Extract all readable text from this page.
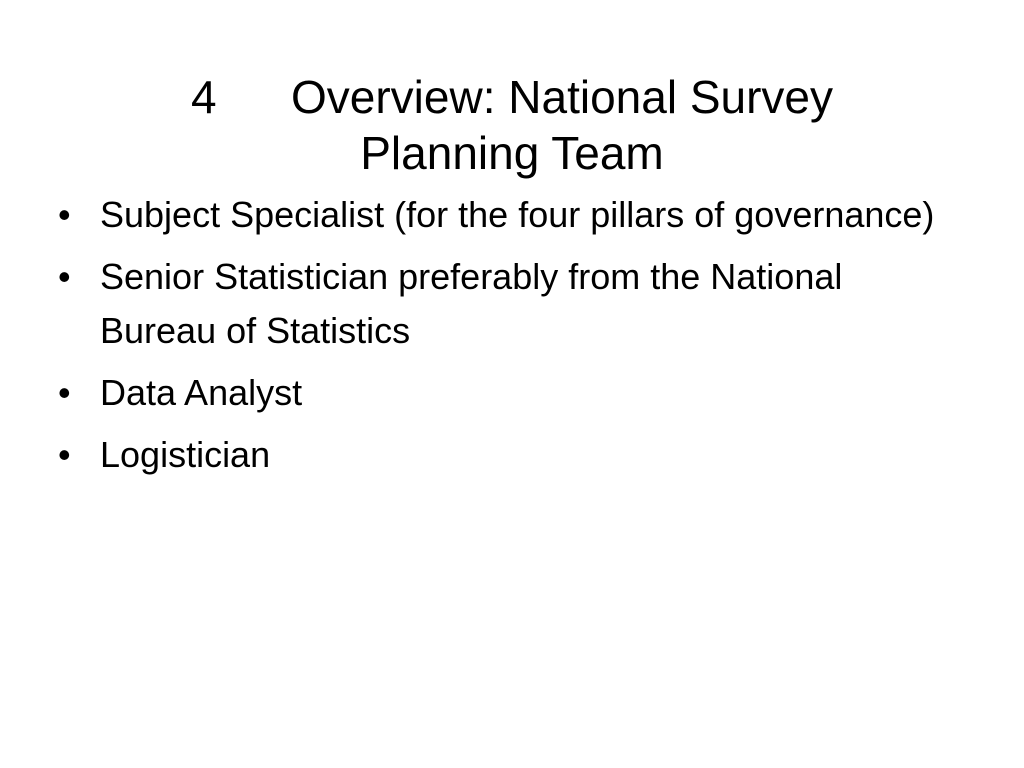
4 Overview: National Survey
Planning Team
• Subject Specialist (for the four pillars of governance)
• Senior Statistician preferably from the National Bureau of Statistics
• Data Analyst
• Logistician
